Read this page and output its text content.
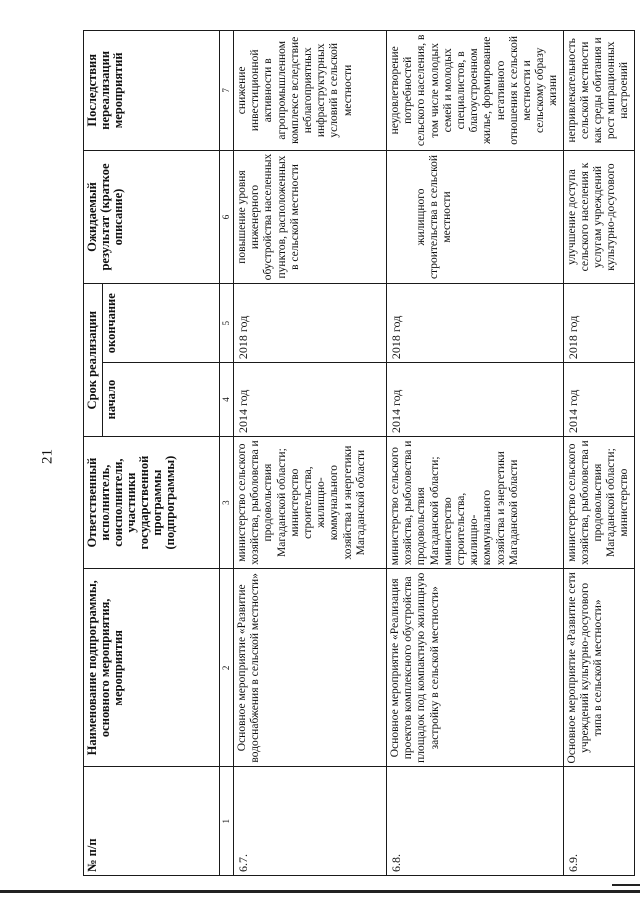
21
№ п/п	Наименование подпрограммы, основного мероприятия, мероприятия	Ответственный исполнитель, соисполнители, участники государственной программы (подпрограммы)	Срок реализации		Ожидаемый результат (краткое описание)	Последствия нереализации мероприятий
			начало	окончание		
1	2	3	4	5	6	7
6.7.	Основное мероприятие «Развитие водоснабжения в сельской местности»	министерство сельского хозяйства, рыболовства и продовольствия Магаданской области; министерство строительства, жилищно-коммунального хозяйства и энергетики Магаданской области	2014 год	2018 год	повышение уровня инженерного обустройства населенных пунктов, расположенных в сельской местности	снижение инвестиционной активности в агропромышленном комплексе вследствие неблагоприятных инфраструктурных условий в сельской местности
6.8.	Основное мероприятие «Реализация проектов комплексного обустройства площадок под компактную жилищную застройку в сельской местности»	министерство сельского хозяйства, рыболовства и продовольствия Магаданской области; министерство строительства, жилищно-коммунального хозяйства и энергетики Магаданской области	2014 год	2018 год	жилищного строительства в сельской местности	неудовлетворение потребностей сельского населения, в том числе молодых семей и молодых специалистов, в благоустроенном жилье, формирование негативного отношения к сельской местности и сельскому образу жизни
6.9.	Основное мероприятие «Развитие сети учреждений культурно-досугового типа в сельской местности»	министерство сельского хозяйства, рыболовства и продовольствия Магаданской области; министерство	2014 год	2018 год	улучшение доступа сельского населения к услугам учреждений культурно-досугового	непривлекательность сельской местности как среды обитания и рост миграционных настроений
